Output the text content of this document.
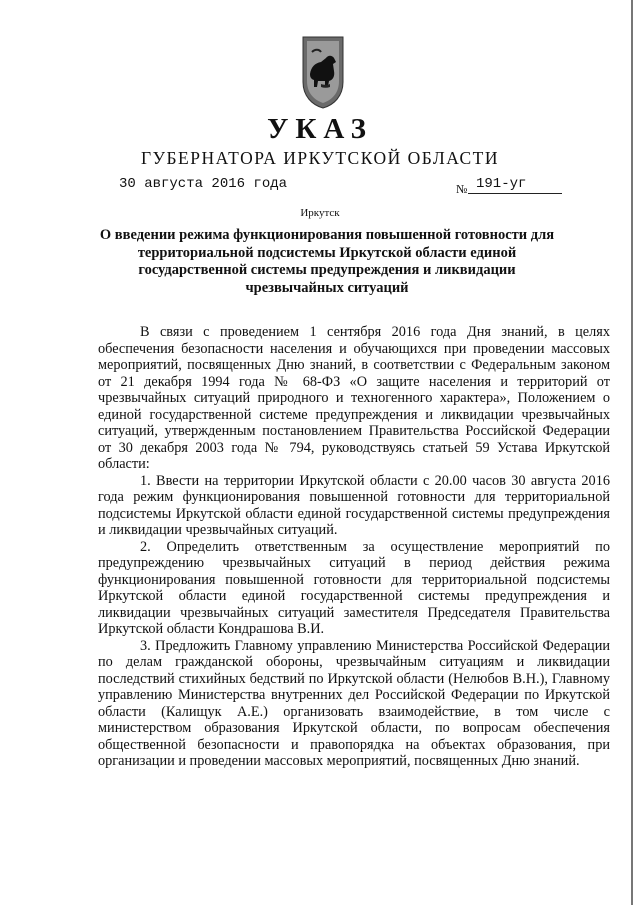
УКАЗ
ГУБЕРНАТОРА ИРКУТСКОЙ ОБЛАСТИ
30 августа 2016 года	№ 191-уг
Иркутск
О введении режима функционирования повышенной готовности для территориальной подсистемы Иркутской области единой государственной системы предупреждения и ликвидации чрезвычайных ситуаций

В связи с проведением 1 сентября 2016 года Дня знаний, в целях обеспечения безопасности населения и обучающихся при проведении массовых мероприятий, посвященных Дню знаний, в соответствии с Федеральным законом от 21 декабря 1994 года № 68-ФЗ «О защите населения и территорий от чрезвычайных ситуаций природного и техногенного характера», Положением о единой государственной системе предупреждения и ликвидации чрезвычайных ситуаций, утвержденным постановлением Правительства Российской Федерации от 30 декабря 2003 года № 794, руководствуясь статьей 59 Устава Иркутской области:

1. Ввести на территории Иркутской области с 20.00 часов 30 августа 2016 года режим функционирования повышенной готовности для территориальной подсистемы Иркутской области единой государственной системы предупреждения и ликвидации чрезвычайных ситуаций.

2. Определить ответственным за осуществление мероприятий по предупреждению чрезвычайных ситуаций в период действия режима функционирования повышенной готовности для территориальной подсистемы Иркутской области единой государственной системы предупреждения и ликвидации чрезвычайных ситуаций заместителя Председателя Правительства Иркутской области Кондрашова В.И.

3. Предложить Главному управлению Министерства Российской Федерации по делам гражданской обороны, чрезвычайным ситуациям и ликвидации последствий стихийных бедствий по Иркутской области (Нелюбов В.Н.), Главному управлению Министерства внутренних дел Российской Федерации по Иркутской области (Калищук А.Е.) организовать взаимодействие, в том числе с министерством образования Иркутской области, по вопросам обеспечения общественной безопасности и правопорядка на объектах образования, при организации и проведении массовых мероприятий, посвященных Дню знаний.
